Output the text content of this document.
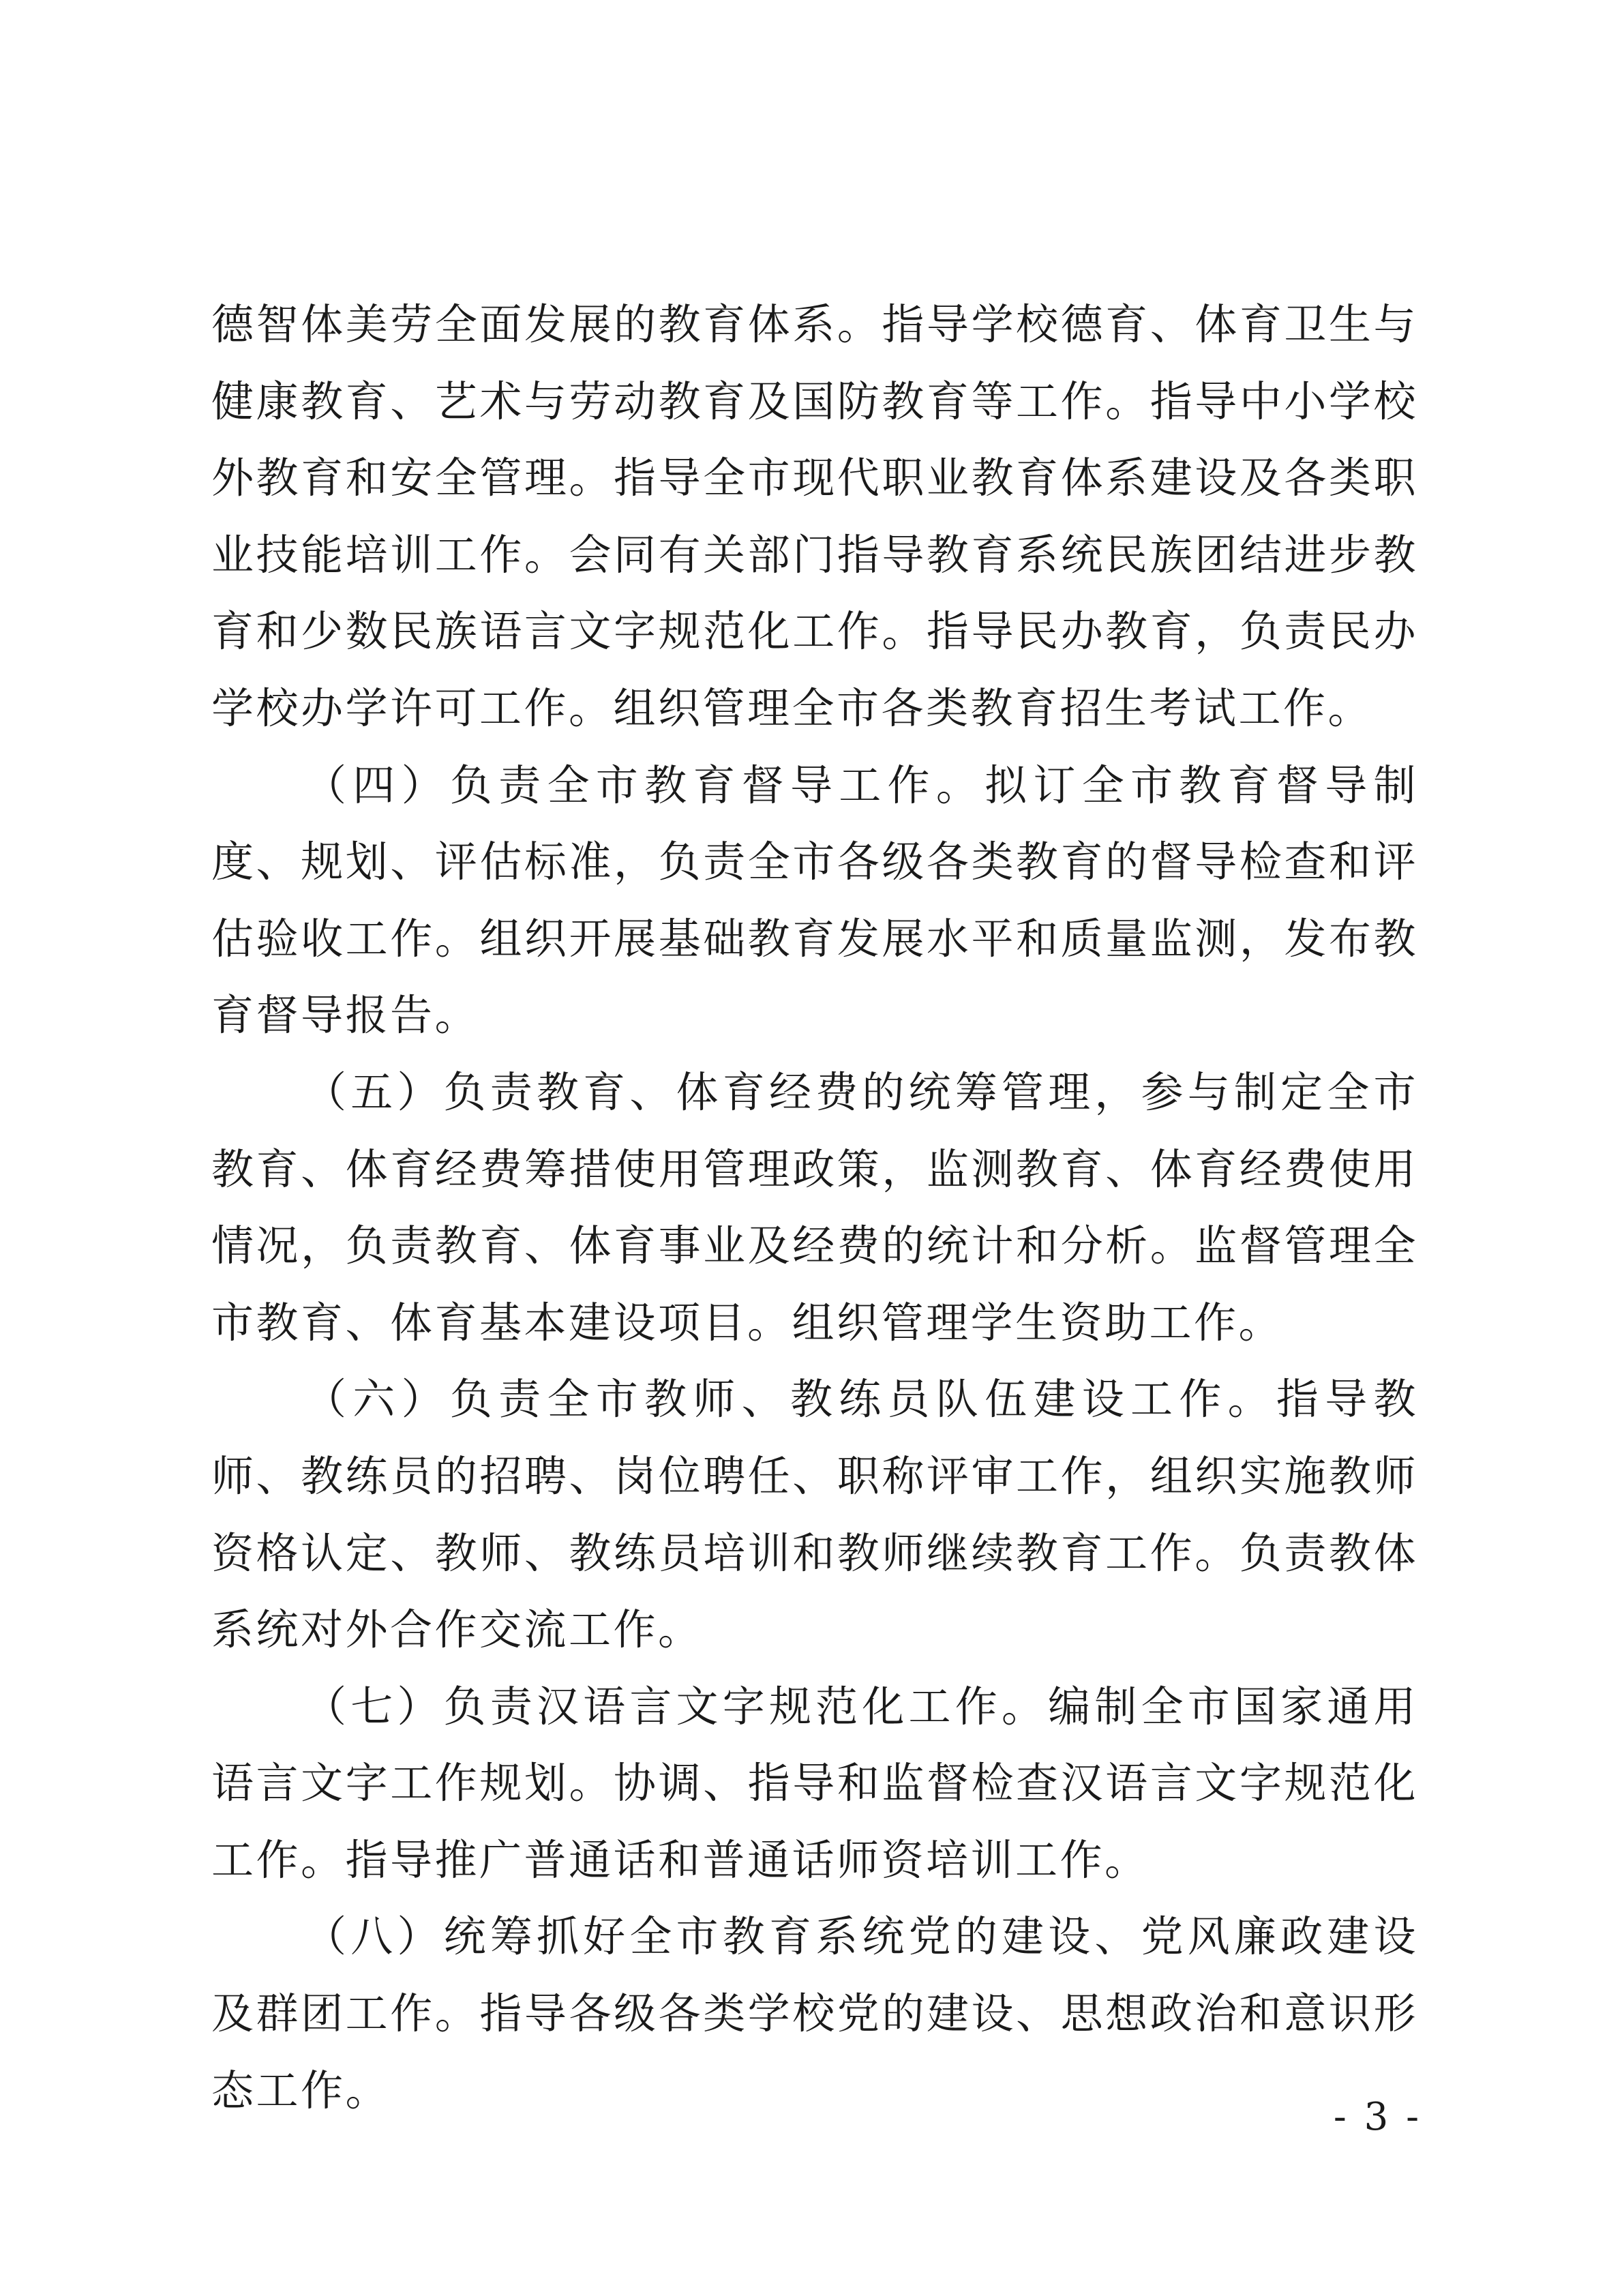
德智体美劳全面发展的教育体系。指导学校德育、体育卫生与健康教育、艺术与劳动教育及国防教育等工作。指导中小学校外教育和安全管理。指导全市现代职业教育体系建设及各类职业技能培训工作。会同有关部门指导教育系统民族团结进步教育和少数民族语言文字规范化工作。指导民办教育，负责民办学校办学许可工作。组织管理全市各类教育招生考试工作。

（四）负责全市教育督导工作。拟订全市教育督导制度、规划、评估标准，负责全市各级各类教育的督导检查和评估验收工作。组织开展基础教育发展水平和质量监测，发布教育督导报告。

（五）负责教育、体育经费的统筹管理，参与制定全市教育、体育经费筹措使用管理政策，监测教育、体育经费使用情况，负责教育、体育事业及经费的统计和分析。监督管理全市教育、体育基本建设项目。组织管理学生资助工作。

（六）负责全市教师、教练员队伍建设工作。指导教师、教练员的招聘、岗位聘任、职称评审工作，组织实施教师资格认定、教师、教练员培训和教师继续教育工作。负责教体系统对外合作交流工作。

（七）负责汉语言文字规范化工作。编制全市国家通用语言文字工作规划。协调、指导和监督检查汉语言文字规范化工作。指导推广普通话和普通话师资培训工作。

（八）统筹抓好全市教育系统党的建设、党风廉政建设及群团工作。指导各级各类学校党的建设、思想政治和意识形态工作。

- 3 -
